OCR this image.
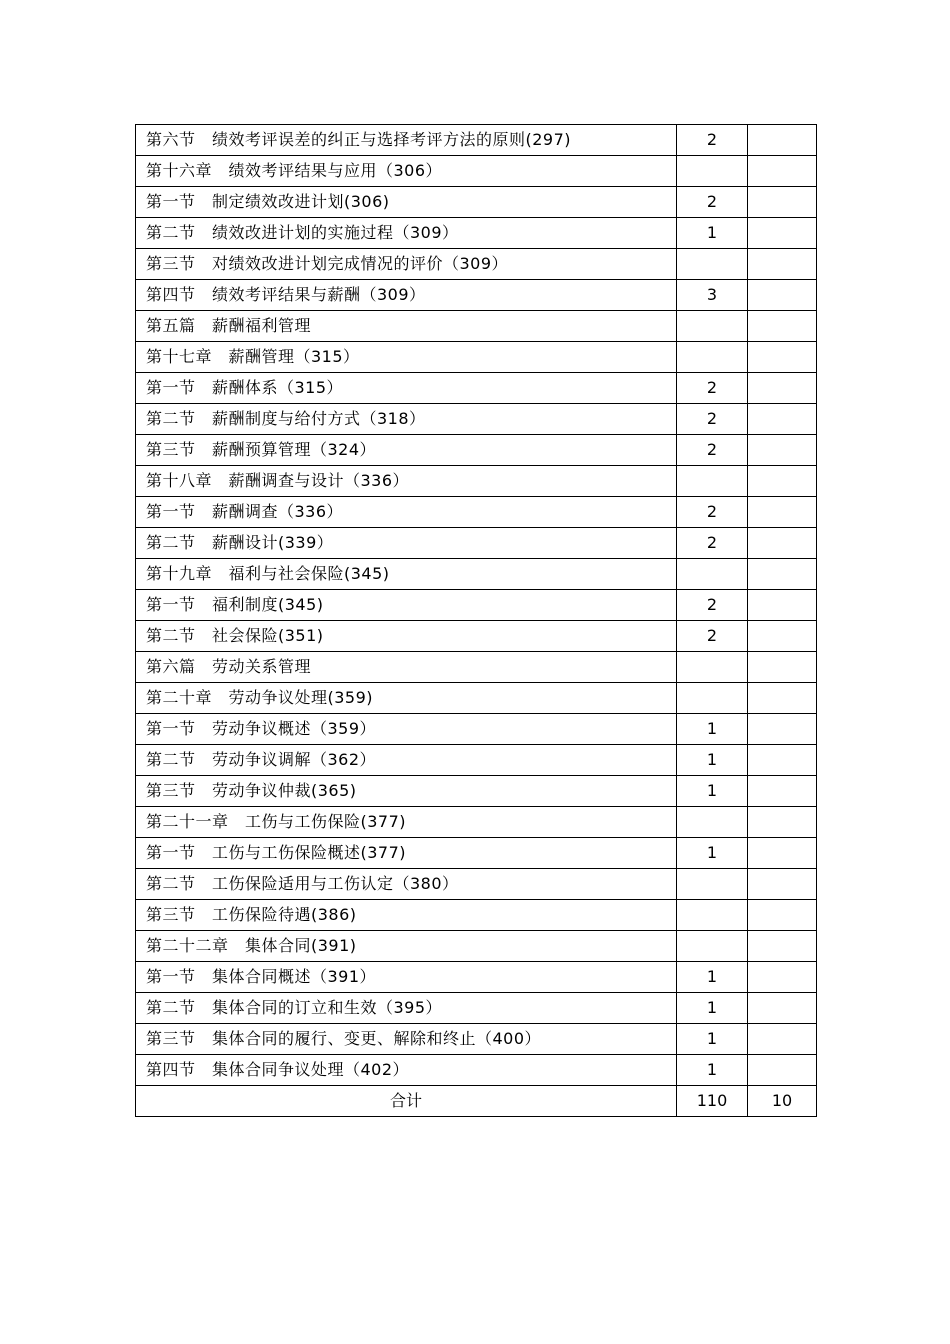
第六节　绩效考评误差的纠正与选择考评方法的原则(297)	2	
第十六章　绩效考评结果与应用（306）		
第一节　制定绩效改进计划(306)	2	
第二节　绩效改进计划的实施过程（309）	1	
第三节　对绩效改进计划完成情况的评价（309）		
第四节　绩效考评结果与薪酬（309）	3	
第五篇　薪酬福利管理		
第十七章　薪酬管理（315）		
第一节　薪酬体系（315）	2	
第二节　薪酬制度与给付方式（318）	2	
第三节　薪酬预算管理（324）	2	
第十八章　薪酬调查与设计（336）		
第一节　薪酬调查（336）	2	
第二节　薪酬设计(339）	2	
第十九章　福利与社会保险(345)		
第一节　福利制度(345)	2	
第二节　社会保险(351)	2	
第六篇　劳动关系管理		
第二十章　劳动争议处理(359)		
第一节　劳动争议概述（359）	1	
第二节　劳动争议调解（362）	1	
第三节　劳动争议仲裁(365)	1	
第二十一章　工伤与工伤保险(377)		
第一节　工伤与工伤保险概述(377)	1	
第二节　工伤保险适用与工伤认定（380）		
第三节　工伤保险待遇(386)		
第二十二章　集体合同(391)		
第一节　集体合同概述（391）	1	
第二节　集体合同的订立和生效（395）	1	
第三节　集体合同的履行、变更、解除和终止（400）	1	
第四节　集体合同争议处理（402）	1	
合计	110	10
